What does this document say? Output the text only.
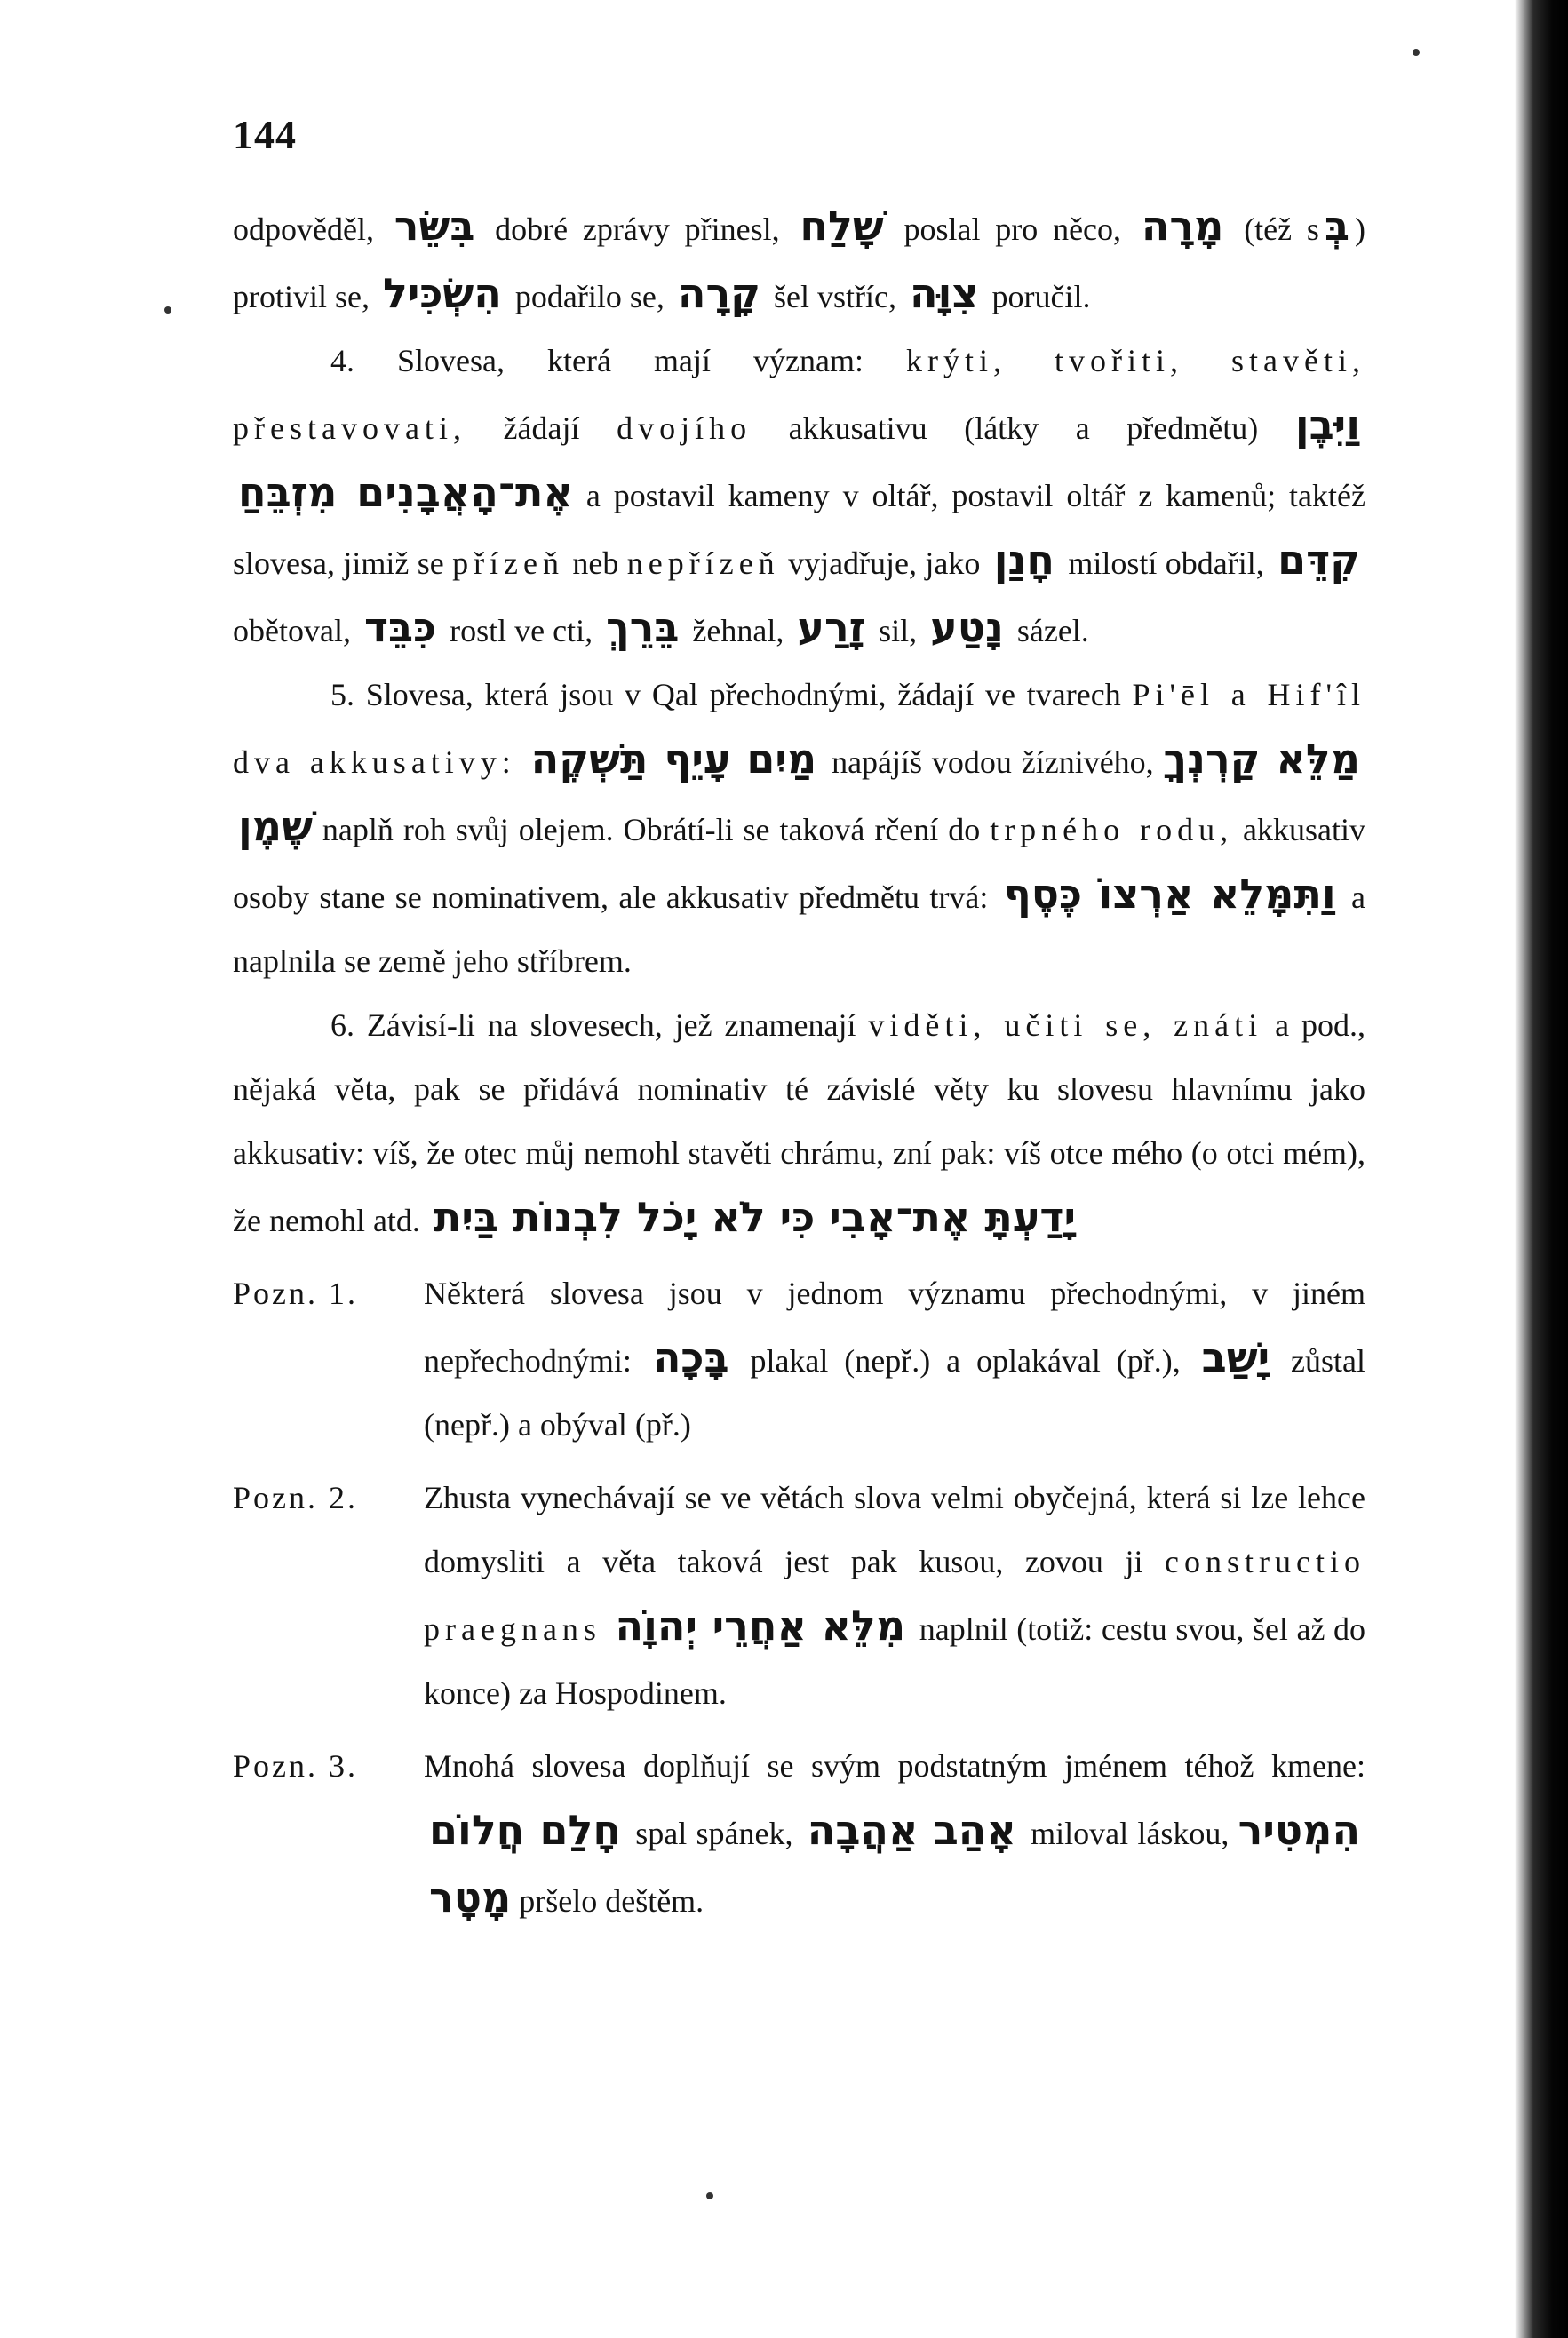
144

odpověděl, בִּשֵּׂר dobré zprávy přinesl, שָׁלַח poslal pro něco, מָרָה (též s בְּ ) protivil se, הִשְׂכִּיל podařilo se, קָרָה šel vstříc, צִוָּה poručil.

4. Slovesa, která mají význam: krýti, tvořiti, stavěti, přestavovati, žádají dvojího akkusativu (látky a předmětu) וַיִּבֶן אֶת־הָאֲבָנִים מִזְבֵּחַ a postavil kameny v oltář, postavil oltář z kamenů; taktéž slovesa, jimiž se přízeň neb nepřízeň vyjadřuje, jako חָנַן milostí obdařil, קִדֵּם obětoval, כִּבֵּד rostl ve cti, בֵּרֵךְ žehnal, זָרַע sil, נָטַע sázel.

5. Slovesa, která jsou v Qal přechodnými, žádají ve tvarech Pi'ēl a Hif'îl dva akkusativy: מַיִם עָיֵף תַּשְׁקֶה napájíš vodou žíznivého, מַלֵּא קַרְנְךָ שֶׁמֶן naplň roh svůj olejem. Obrátí-li se taková rčení do trpného rodu, akkusativ osoby stane se nominativem, ale akkusativ předmětu trvá: וַתִּמָּלֵא אַרְצוֹ כֶּסֶף a naplnila se země jeho stříbrem.

6. Závisí-li na slovesech, jež znamenají viděti, učiti se, znáti a pod., nějaká věta, pak se přidává nominativ té závislé věty ku slovesu hlavnímu jako akkusativ: víš, že otec můj nemohl stavěti chrámu, zní pak: víš otce mého (o otci mém), že nemohl atd. יָדַעְתָּ אֶת־אָבִי כִּי לֹא יָכֹל לִבְנוֹת בַּיִת

Pozn. 1.	Některá slovesa jsou v jednom významu přechodnými, v jiném nepřechodnými: בָּכָה plakal (nepř.) a oplakával (př.), יָשַׁב zůstal (nepř.) a obýval (př.)
Pozn. 2.	Zhusta vynechávají se ve větách slova velmi obyčejná, která si lze lehce domysliti a věta taková jest pak kusou, zovou ji constructio praegnans מִלֵּא אַחֲרֵי יְהוָֹה naplnil (totiž: cestu svou, šel až do konce) za Hospodinem.
Pozn. 3.	Mnohá slovesa doplňují se svým podstatným jménem téhož kmene: חָלַם חֲלוֹם spal spánek, אָהַב אַהֲבָה miloval láskou, הִמְטִיר מָטָר pršelo deštěm.
